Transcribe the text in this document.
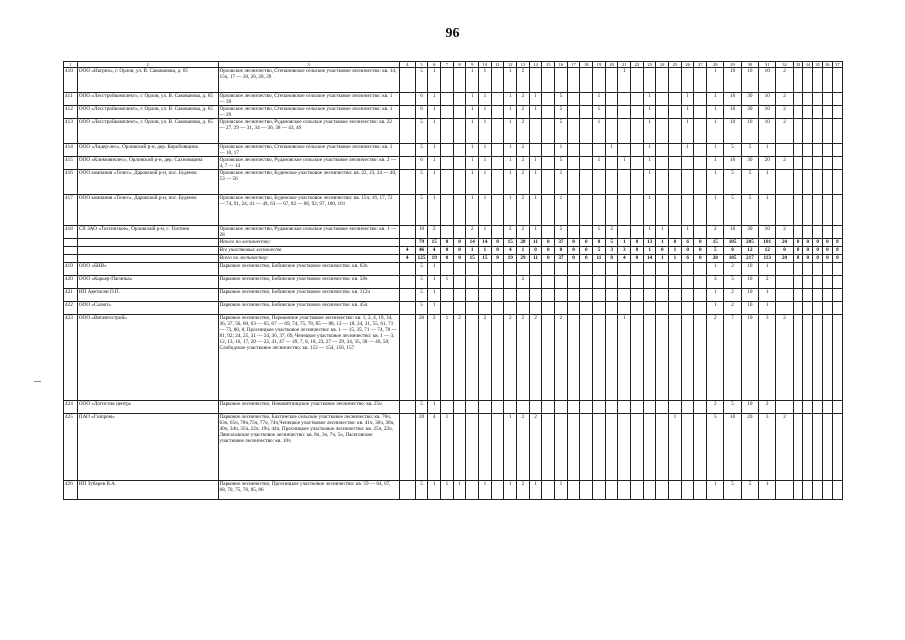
96
1	2	3	4	5	6	7	8	9	10	11	12	13	14	15	16	17	18	19	20	21	22	23	24	25	26	27	28	29	30	31	32	33	34	35	36	37
410	ООО «Нагрпо», г. Орлов, ул. В. Сакованова, д. 65	Орловское лесничество, Степановское сельское участковое лесничество: кв. 14, 15ч, 17 — 20, 26, 28, 29		5	1			1	1		1	2								1							1	10	10	10	2					
411	ООО «Лесстройкомплект», г. Орлов, ул. В. Сакованова, д. 65	Орловское лесничество, Степановское сельское участковое лесничество: кв. 1 — 39		6	1			1	1		1	2	1		5			1				1			1		1	10	30	10	2					
412	ООО «Лесстройкомплект», г. Орлов, ул. В. Сакованова, д. 65	Орловское лесничество, Степановское сельское участковое лесничество: кв. 1 — 29		6	1			1	1		1	2	1		5			1				1			1		1	10	30	10	2					
413	ООО «Лесстройкомплект», г. Орлов, ул. В. Сакованова, д. 65	Орловское лесничество, Рудановское сельское участковое лесничество: кв. 22 — 27, 29 — 31, 34 — 36, 38 — 43, 46		5	1			1	1		1	2			5			1				1			1		1	10	10	10	2					
414	ООО «Лидер-лес», Орловский р-н, дер. Коробовщина	Орловское лесничество, Степановское сельское участковое лесничество: кв. 1 — 10, 17		5	1			1	1		1	2			1				1			1			1		1	5	5	1						
415	ООО «Климовичлес», Орловский р-н, дер. Сахновщина	Орловское лесничество, Рудановское сельское участковое лесничество: кв. 2 — 4, 7 — 14		6	1			1	1		1	2	1		5			1		1		1					1	10	30	20	2					
416	ООО компания «Телес», Даровской р-н, пос. Буденок	Орловское лесничество, Буденское участковое лесничество: кв. 22, 23, 24 — 40, 53 — 56		5	1			1	1		1	2	1		1							1					1	5	5	1						
417	ООО компания «Телес», Даровской р-н, пос. Буденок	Орловское лесничество, Буденское участковое лесничество: кв. 15ч, 16, 17, 72 — 74, 91, 24, 41 — 49, 63 — 67, 82 — 86, 92, 97, 100, 101		5	1			1	1		1	2	1		1							1					1	5	5	1						
418	СХ ЗАО «Тохтинское», Орловский р-н, с. Тохтино	Орловское лесничество, Рудановское сельское участковое лесничество: кв. 1 — 28		10	2			2	1		2	2	1		5			1	2			1	1		1		2	10	30	10	2					
		Итого по лесничеству:		79	15	0	0	14	14	0	15	28	11	0	37	0	0	8	5	1	0	13	1	0	6	0	15	105	205	101	20	0	0	0	0	0
		Все участковых лесничеств	4	46	4	0	0	1	1	0	4	1	0	0	0	0	0	5	3	3	0	1	0	1	0	0	5	0	12	12	0	0	0	0	0	0
		Всего по лесничеству:	4	125	19	0	0	15	15	0	19	29	11	0	37	0	0	11	8	4	0	14	1	1	6	0	20	105	217	113	20	0	0	0	0	0
419	ООО «БНВ»	Парковое лесничество, Бобинское участковое лесничество: кв. 62ч		5	1																						1	2	10	1						
420	ООО «Карьер-Пагинка»	Парковое лесничество, Бобинское участковое лесничество: кв. 58ч		5	1	1						2															3	5	10	2						
421	ИП Аветисян О.П.	Парковое лесничество, Бобинское участковое лесничество: кв. 112ч		5	1																						1	2	10	1						
422	ООО «Салют»	Парковое лесничество, Бобинское участковое лесничество: кв. 45ч		5	1																						1	2	10	1						
423	ООО «Вятавтострой»	Парковое лесничество, Перекопное участковое лесничество: кв. 1, 2, 4, 19, 34, 36, 37, 56, 60, 63 — 65, 67 — 69, 74, 75, 78, 85 — 88, 13 — 18, 24, 31, 55, 61, 71 — 73, 80, 8, Просницкое участковое лесничество: кв. 1 — 15, 35, 71 — 74, 78 — 81, 92; 24, 25, 31 — 34, 36, 37, 69, Чепецкое участковое лесничество: кв. 1 — 3, 12, 13, 16, 17, 20 — 22, 41, 47 — 49, 7, 8, 18, 23, 27 — 29, 34, 35, 38 — 40, 50; Слободское участковое лесничество: кв. 152 — 154, 156, 157		20	2	1	2		2		2	2	2		2					1							2	7	10	3	2					
424	ООО «Логистик центр»	Парковое лесничество, Нововятпищское участковое лесничество: кв. 25ч		5	1																						2	5	10	2						
425	ПАО «Газпром»	Парковое лесничество, Бахтинское сельское участковое лесничество: кв. 76ч, 63ч, 65ч, 78ч,75ч, 77ч, 74ч,Чепецкое участковое лесничество: кв. 41ч, 36ч, 38ч, 40ч, 34ч, 35ч, 22ч, 19ч, 44ч, Просницкое участковое лесничество: кв. 25ч, 22ч, Лянгасовское участковое лесничество: кв. 8ч, 3ч, 7ч, 5ч, Пасеговское участковое лесничество: кв. 10ч		20	4	1					1	2	2											1			5	10	20	3	2					
426	ИП Зубарев В.А.	Парковое лесничество, Просницкое участковое лесничество: кв. 59 — 64, 67, 68, 70, 75, 76, 85, 86		5	1	1	1		1		1	2	1		1												1	5	5	1						
